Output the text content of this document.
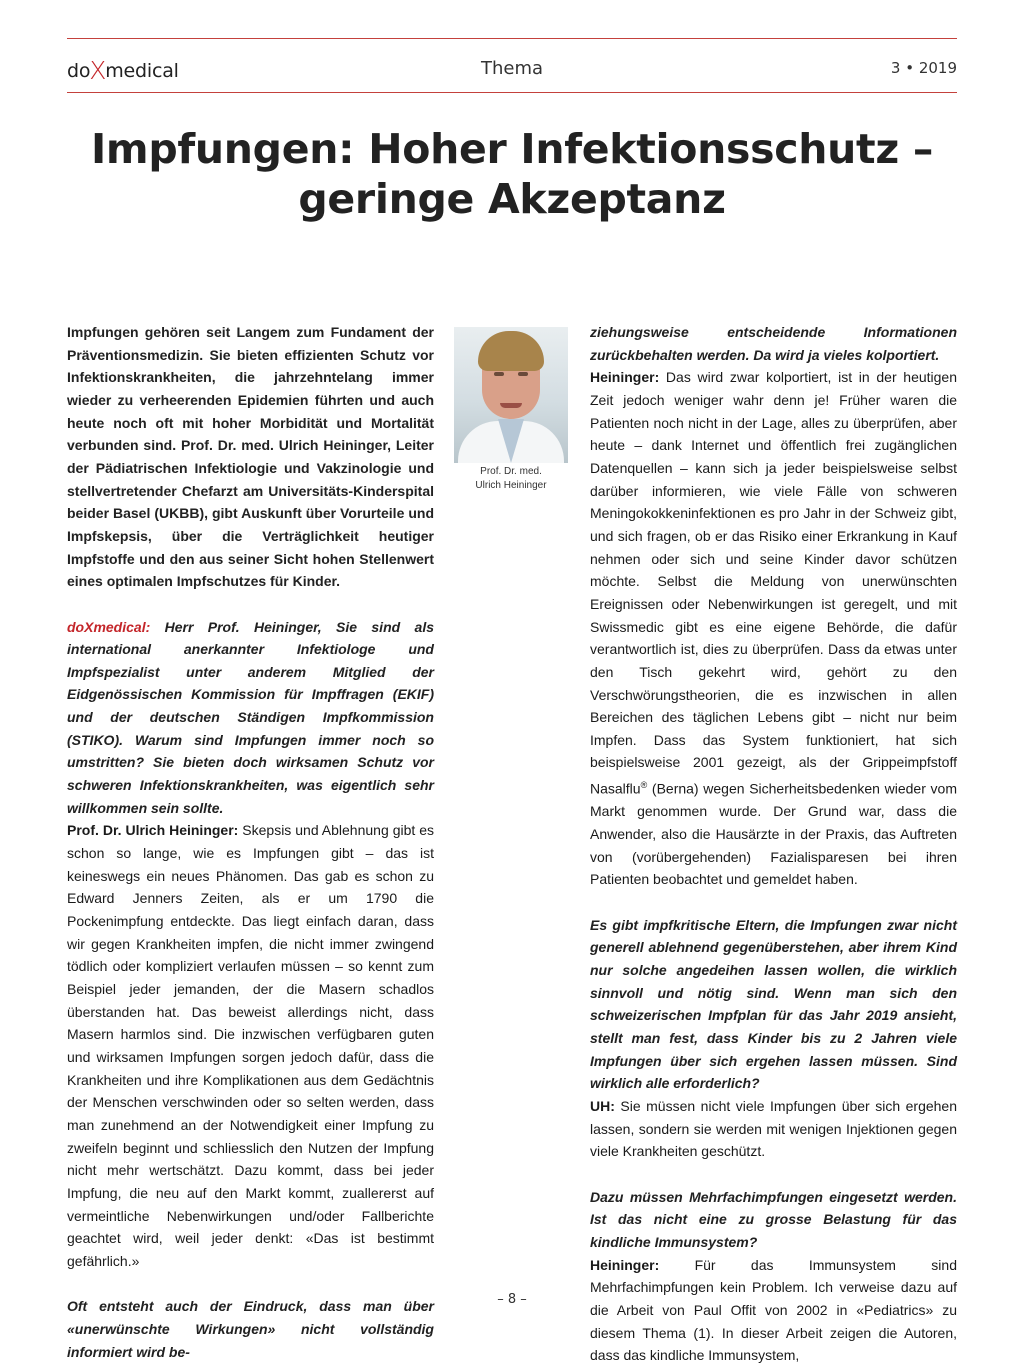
doXmedical	Thema	3 • 2019
Impfungen: Hoher Infektionsschutz – geringe Akzeptanz

Impfungen gehören seit Langem zum Fundament der Präventionsmedizin. Sie bieten effizienten Schutz vor Infektionskrankheiten, die jahrzehntelang immer wieder zu verheerenden Epidemien führten und auch heute noch oft mit hoher Morbidität und Mortalität verbunden sind. Prof. Dr. med. Ulrich Heininger, Leiter der Pädiatrischen Infektiologie und Vakzinologie und stellvertretender Chefarzt am Universitäts-Kinderspital beider Basel (UKBB), gibt Auskunft über Vorurteile und Impfskepsis, über die Verträglichkeit heutiger Impfstoffe und den aus seiner Sicht hohen Stellenwert eines optimalen Impfschutzes für Kinder.

doXmedical: Herr Prof. Heininger, Sie sind als international anerkannter Infektiologe und Impfspezialist unter anderem Mitglied der Eidgenössischen Kommission für Impffragen (EKIF) und der deutschen Ständigen Impfkommission (STIKO). Warum sind Impfungen immer noch so umstritten? Sie bieten doch wirksamen Schutz vor schweren Infektionskrankheiten, was eigentlich sehr willkommen sein sollte.

Prof. Dr. Ulrich Heininger: Skepsis und Ablehnung gibt es schon so lange, wie es Impfungen gibt – das ist keineswegs ein neues Phänomen. Das gab es schon zu Edward Jenners Zeiten, als er um 1790 die Pockenimpfung entdeckte. Das liegt einfach daran, dass wir gegen Krankheiten impfen, die nicht immer zwingend tödlich oder kompliziert verlaufen müssen – so kennt zum Beispiel jeder jemanden, der die Masern schadlos überstanden hat. Das beweist allerdings nicht, dass Masern harmlos sind. Die inzwischen verfügbaren guten und wirksamen Impfungen sorgen jedoch dafür, dass die Krankheiten und ihre Komplikationen aus dem Gedächtnis der Menschen verschwinden oder so selten werden, dass man zunehmend an der Notwendigkeit einer Impfung zu zweifeln beginnt und schliesslich den Nutzen der Impfung nicht mehr wertschätzt. Dazu kommt, dass bei jeder Impfung, die neu auf den Markt kommt, zuallererst auf vermeintliche Nebenwirkungen und/oder Fallberichte geachtet wird, weil jeder denkt: «Das ist bestimmt gefährlich.»

Oft entsteht auch der Eindruck, dass man über «unerwünschte Wirkungen» nicht vollständig informiert wird be-

Prof. Dr. med.
Ulrich Heininger

ziehungsweise entscheidende Informationen zurückbehalten werden. Da wird ja vieles kolportiert.

Heininger: Das wird zwar kolportiert, ist in der heutigen Zeit jedoch weniger wahr denn je! Früher waren die Patienten noch nicht in der Lage, alles zu überprüfen, aber heute – dank Internet und öffentlich frei zugänglichen Datenquellen – kann sich ja jeder beispielsweise selbst darüber informieren, wie viele Fälle von schweren Meningokokkeninfektionen es pro Jahr in der Schweiz gibt, und sich fragen, ob er das Risiko einer Erkrankung in Kauf nehmen oder sich und seine Kinder davor schützen möchte. Selbst die Meldung von unerwünschten Ereignissen oder Nebenwirkungen ist geregelt, und mit Swissmedic gibt es eine eigene Behörde, die dafür verantwortlich ist, dies zu überprüfen. Dass da etwas unter den Tisch gekehrt wird, gehört zu den Verschwörungstheorien, die es inzwischen in allen Bereichen des täglichen Lebens gibt – nicht nur beim Impfen. Dass das System funktioniert, hat sich beispielsweise 2001 gezeigt, als der Grippeimpfstoff Nasalflu® (Berna) wegen Sicherheitsbedenken wieder vom Markt genommen wurde. Der Grund war, dass die Anwender, also die Hausärzte in der Praxis, das Auftreten von (vorübergehenden) Fazialisparesen bei ihren Patienten beobachtet und gemeldet haben.

Es gibt impfkritische Eltern, die Impfungen zwar nicht generell ablehnend gegenüberstehen, aber ihrem Kind nur solche angedeihen lassen wollen, die wirklich sinnvoll und nötig sind. Wenn man sich den schweizerischen Impfplan für das Jahr 2019 ansieht, stellt man fest, dass Kinder bis zu 2 Jahren viele Impfungen über sich ergehen lassen müssen. Sind wirklich alle erforderlich?

UH: Sie müssen nicht viele Impfungen über sich ergehen lassen, sondern sie werden mit wenigen Injektionen gegen viele Krankheiten geschützt.

Dazu müssen Mehrfachimpfungen eingesetzt werden. Ist das nicht eine zu grosse Belastung für das kindliche Immunsystem?

Heininger:	Für das Immunsystem sind Mehrfachimpfungen kein Problem. Ich verweise dazu auf die Arbeit von Paul Offit von 2002 in «Pediatrics» zu diesem Thema (1). In dieser Arbeit zeigen die Autoren, dass das kindliche Immunsystem,

– 8 –
